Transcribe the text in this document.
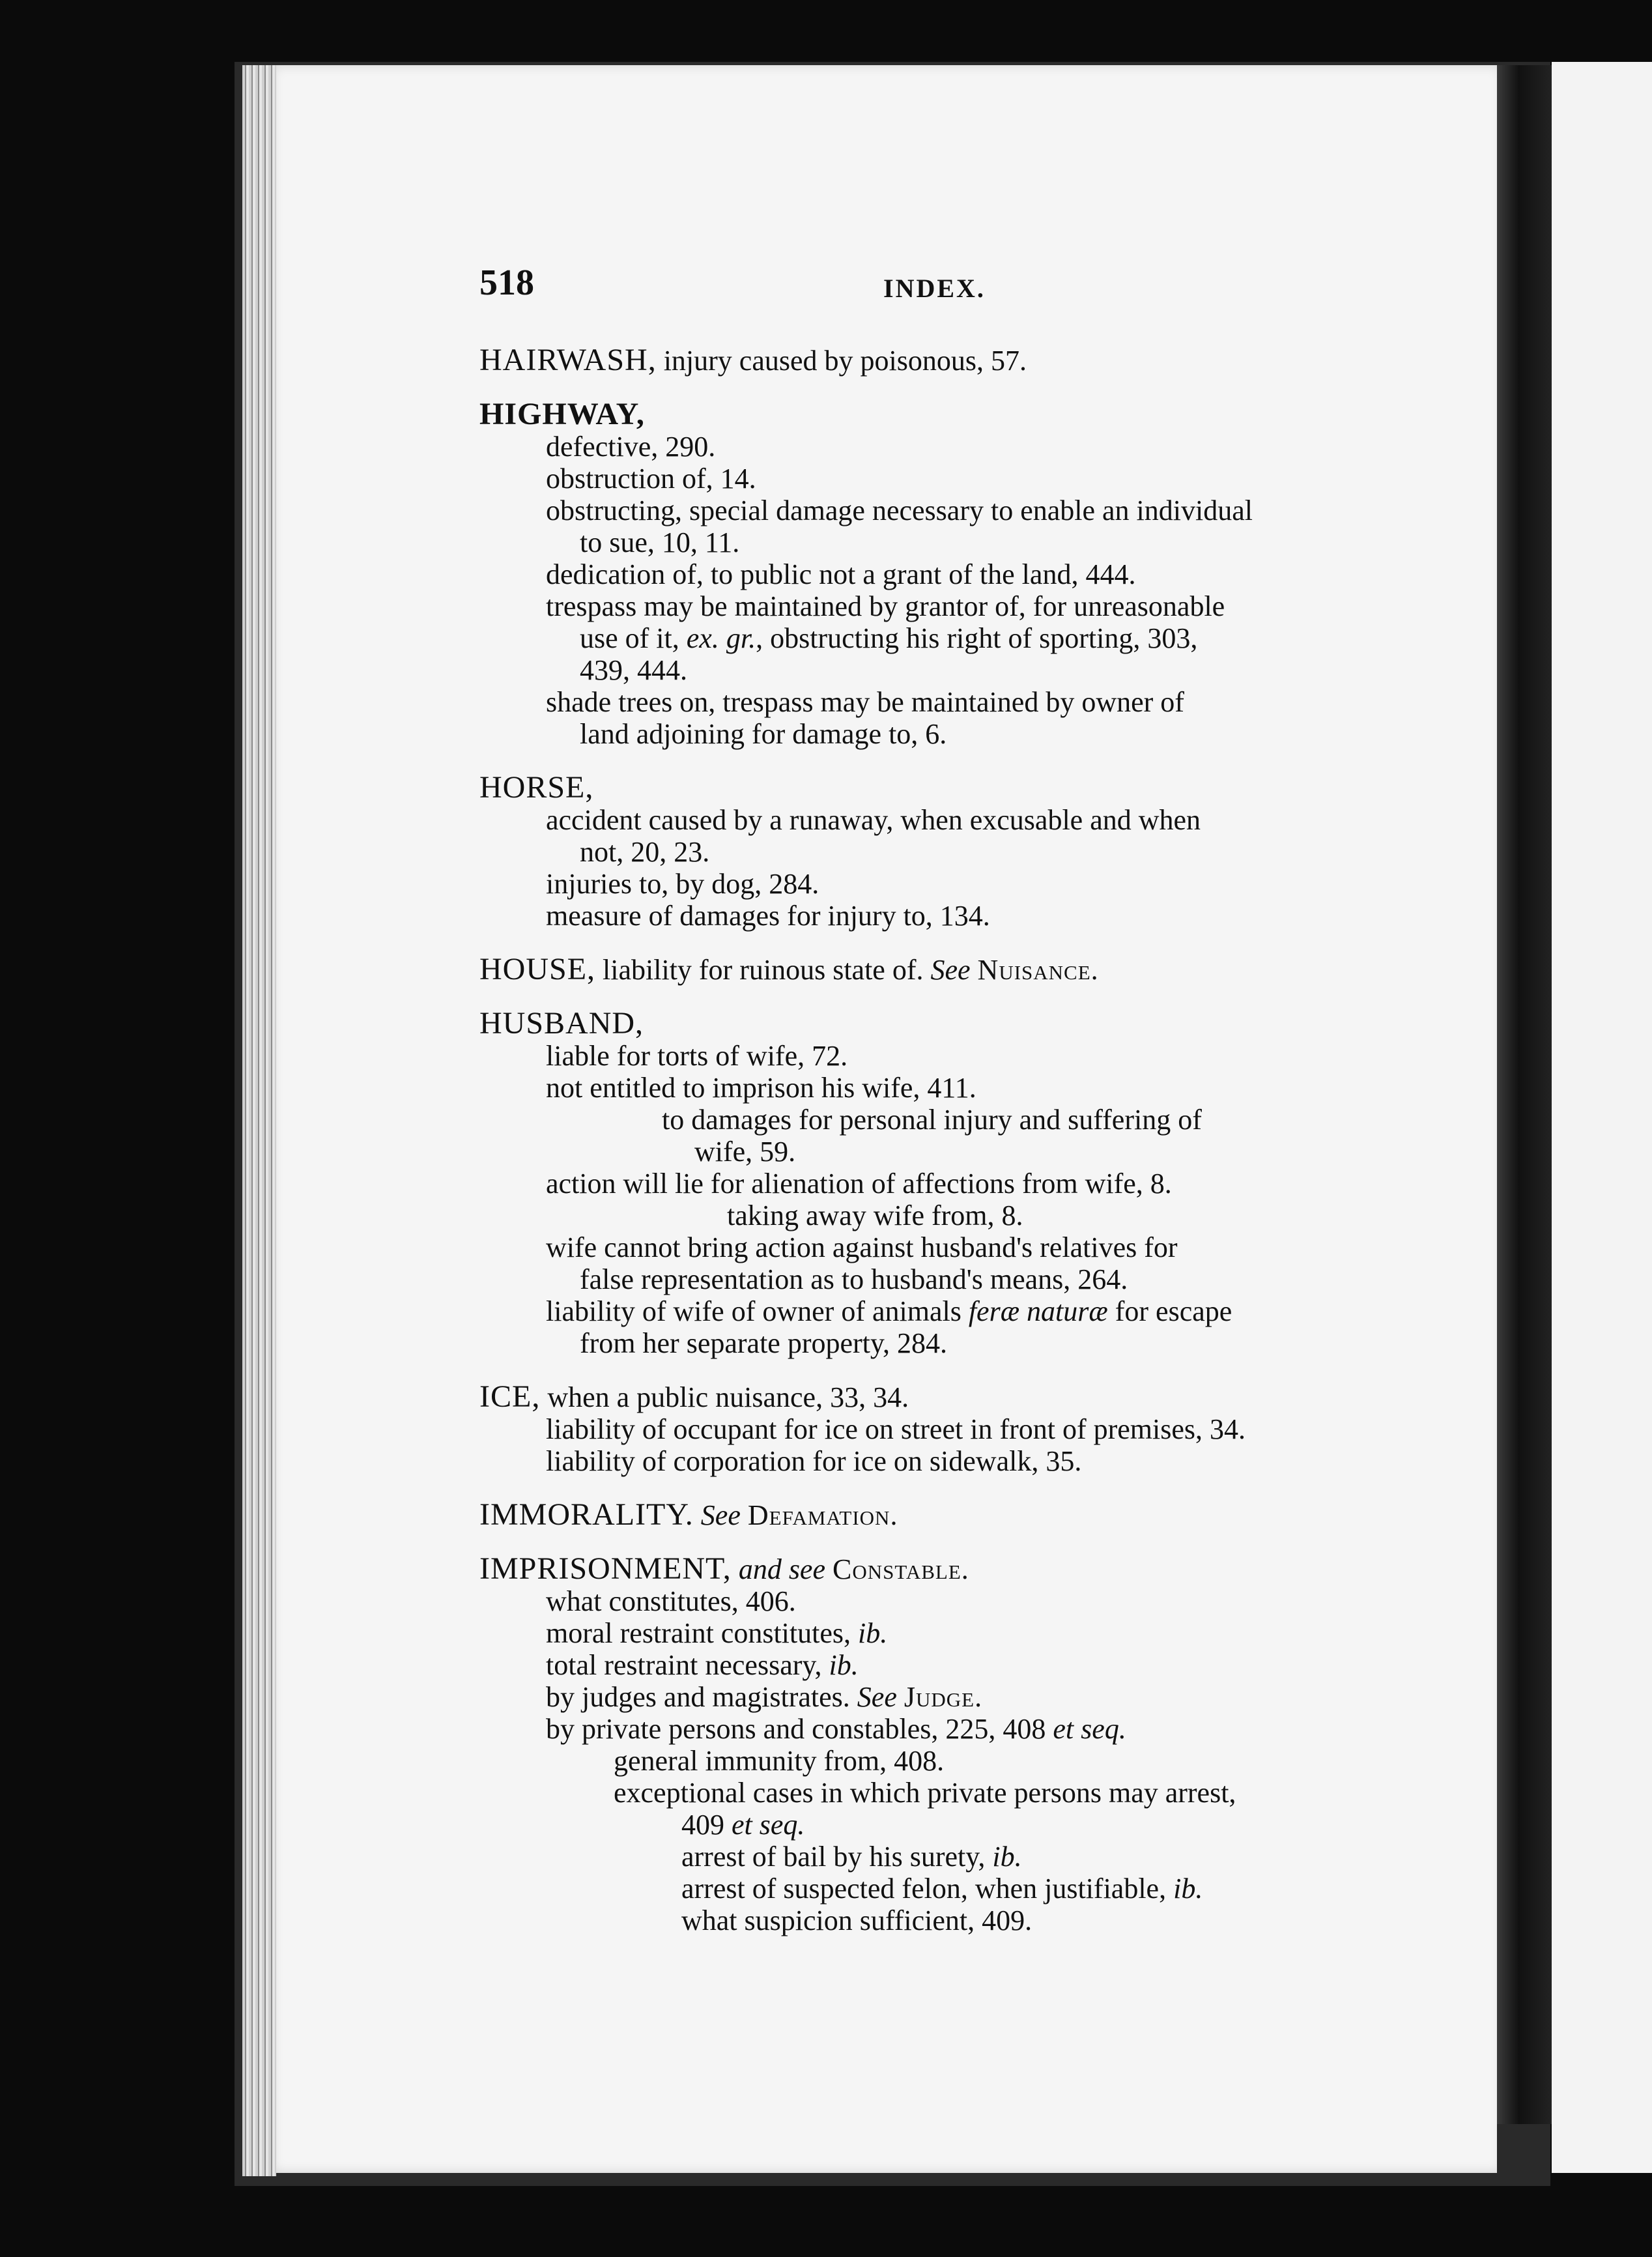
518	INDEX.
HAIRWASH, injury caused by poisonous, 57.
HIGHWAY,
defective, 290.
obstruction of, 14.
obstructing, special damage necessary to enable an individual
to sue, 10, 11.
dedication of, to public not a grant of the land, 444.
trespass may be maintained by grantor of, for unreasonable
use of it, ex. gr., obstructing his right of sporting, 303,
439, 444.
shade trees on, trespass may be maintained by owner of
land adjoining for damage to, 6.
HORSE,
accident caused by a runaway, when excusable and when
not, 20, 23.
injuries to, by dog, 284.
measure of damages for injury to, 134.
HOUSE, liability for ruinous state of. See Nuisance.
HUSBAND,
liable for torts of wife, 72.
not entitled to imprison his wife, 411.
to damages for personal injury and suffering of
wife, 59.
action will lie for alienation of affections from wife, 8.
taking away wife from, 8.
wife cannot bring action against husband's relatives for
false representation as to husband's means, 264.
liability of wife of owner of animals feræ naturæ for escape
from her separate property, 284.
ICE, when a public nuisance, 33, 34.
liability of occupant for ice on street in front of premises, 34.
liability of corporation for ice on sidewalk, 35.
IMMORALITY. See Defamation.
IMPRISONMENT, and see Constable.
what constitutes, 406.
moral restraint constitutes, ib.
total restraint necessary, ib.
by judges and magistrates. See Judge.
by private persons and constables, 225, 408 et seq.
general immunity from, 408.
exceptional cases in which private persons may arrest,
409 et seq.
arrest of bail by his surety, ib.
arrest of suspected felon, when justifiable, ib.
what suspicion sufficient, 409.
